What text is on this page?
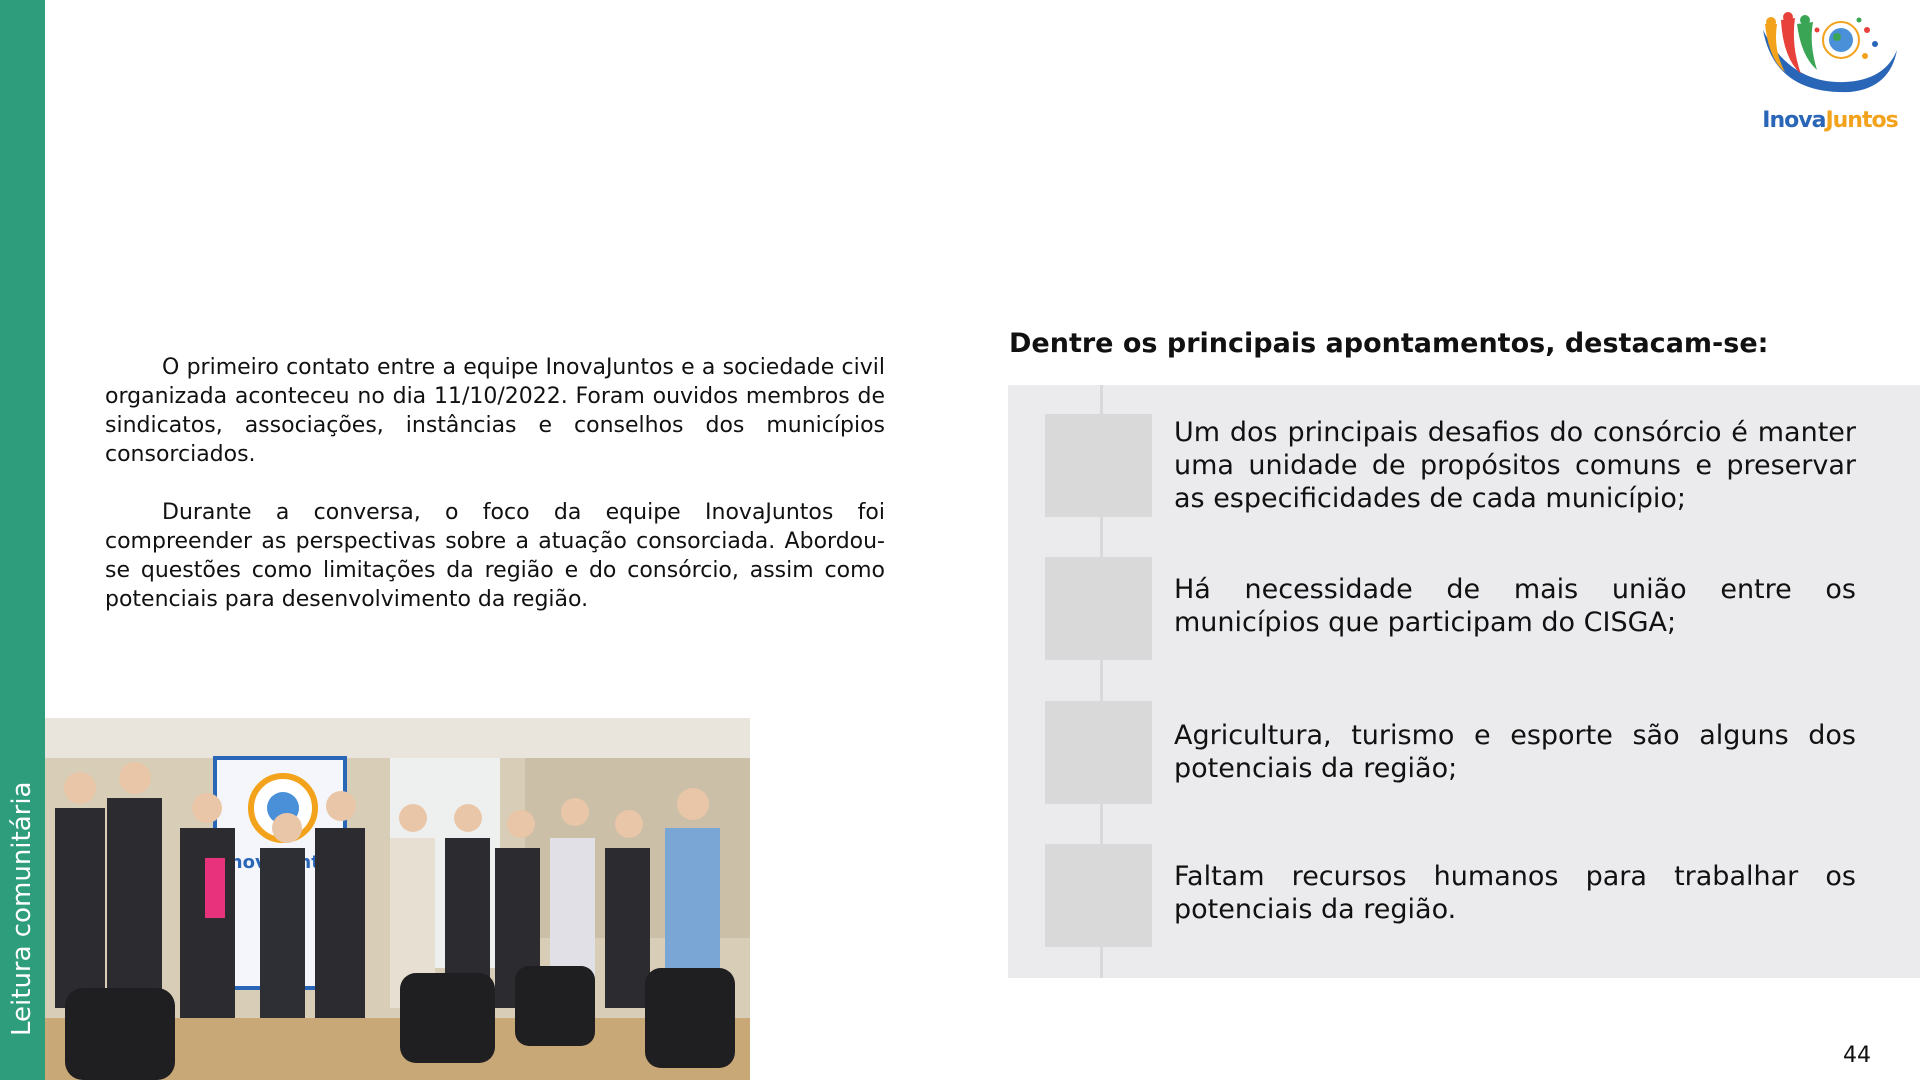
Leitura comunitária
InovaJuntos

O primeiro contato entre a equipe InovaJuntos e a sociedade civil organizada aconteceu no dia 11/10/2022. Foram ouvidos membros de sindicatos, associações, instâncias e conselhos dos municípios consorciados.

Durante a conversa, o foco da equipe InovaJuntos foi compreender as perspectivas sobre a atuação consorciada. Abordou-se questões como limitações da região e do consórcio, assim como potenciais para desenvolvimento da região.

Dentre os principais apontamentos, destacam-se:
Um dos principais desafios do consórcio é manter uma unidade de propósitos comuns e preservar as especificidades de cada município;
Há necessidade de mais união entre os municípios que participam do CISGA;
Agricultura, turismo e esporte são alguns dos potenciais da região;
Faltam recursos humanos para trabalhar os potenciais da região.
44
